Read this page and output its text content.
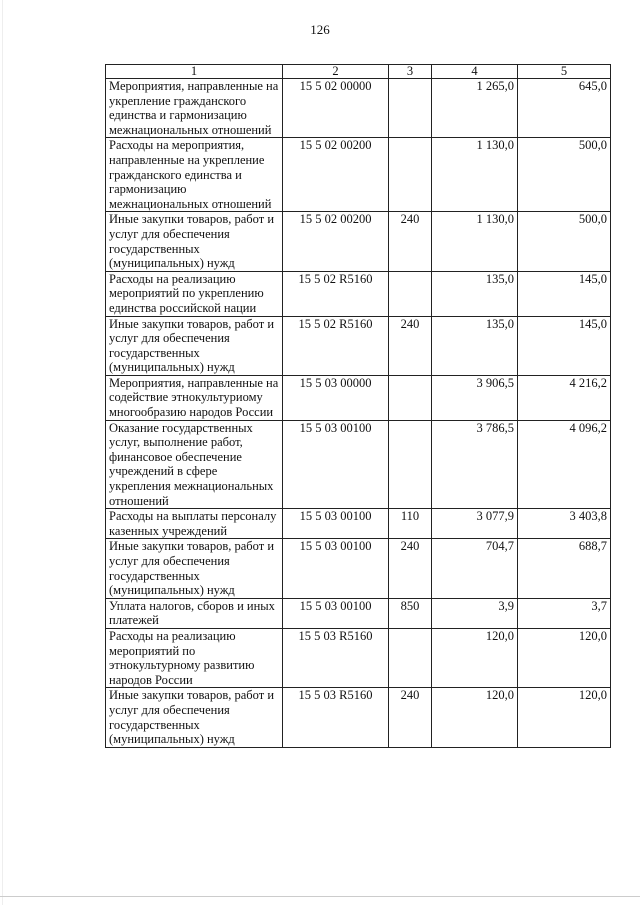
126
1	2	3	4	5
Мероприятия, направленные на укрепление гражданского единства и гармонизацию межнациональных отношений	15 5 02 00000		1 265,0	645,0
Расходы на мероприятия, направленные на укрепление гражданского единства и гармонизацию межнациональных отношений	15 5 02 00200		1 130,0	500,0
Иные закупки товаров, работ и услуг для обеспечения государственных (муниципальных) нужд	15 5 02 00200	240	1 130,0	500,0
Расходы на реализацию мероприятий по укреплению единства российской нации	15 5 02 R5160		135,0	145,0
Иные закупки товаров, работ и услуг для обеспечения государственных (муниципальных) нужд	15 5 02 R5160	240	135,0	145,0
Мероприятия, направленные на содействие этнокультуриому многообразию народов России	15 5 03 00000		3 906,5	4 216,2
Оказание государственных услуг, выполнение работ, финансовое обеспечение учреждений в сфере укрепления межнациональных отношений	15 5 03 00100		3 786,5	4 096,2
Расходы на выплаты персоналу казенных учреждений	15 5 03 00100	110	3 077,9	3 403,8
Иные закупки товаров, работ и услуг для обеспечения государственных (муниципальных) нужд	15 5 03 00100	240	704,7	688,7
Уплата налогов, сборов и иных платежей	15 5 03 00100	850	3,9	3,7
Расходы на реализацию мероприятий по этнокультурному развитию народов России	15 5 03 R5160		120,0	120,0
Иные закупки товаров, работ и услуг для обеспечения государственных (муниципальных) нужд	15 5 03 R5160	240	120,0	120,0
